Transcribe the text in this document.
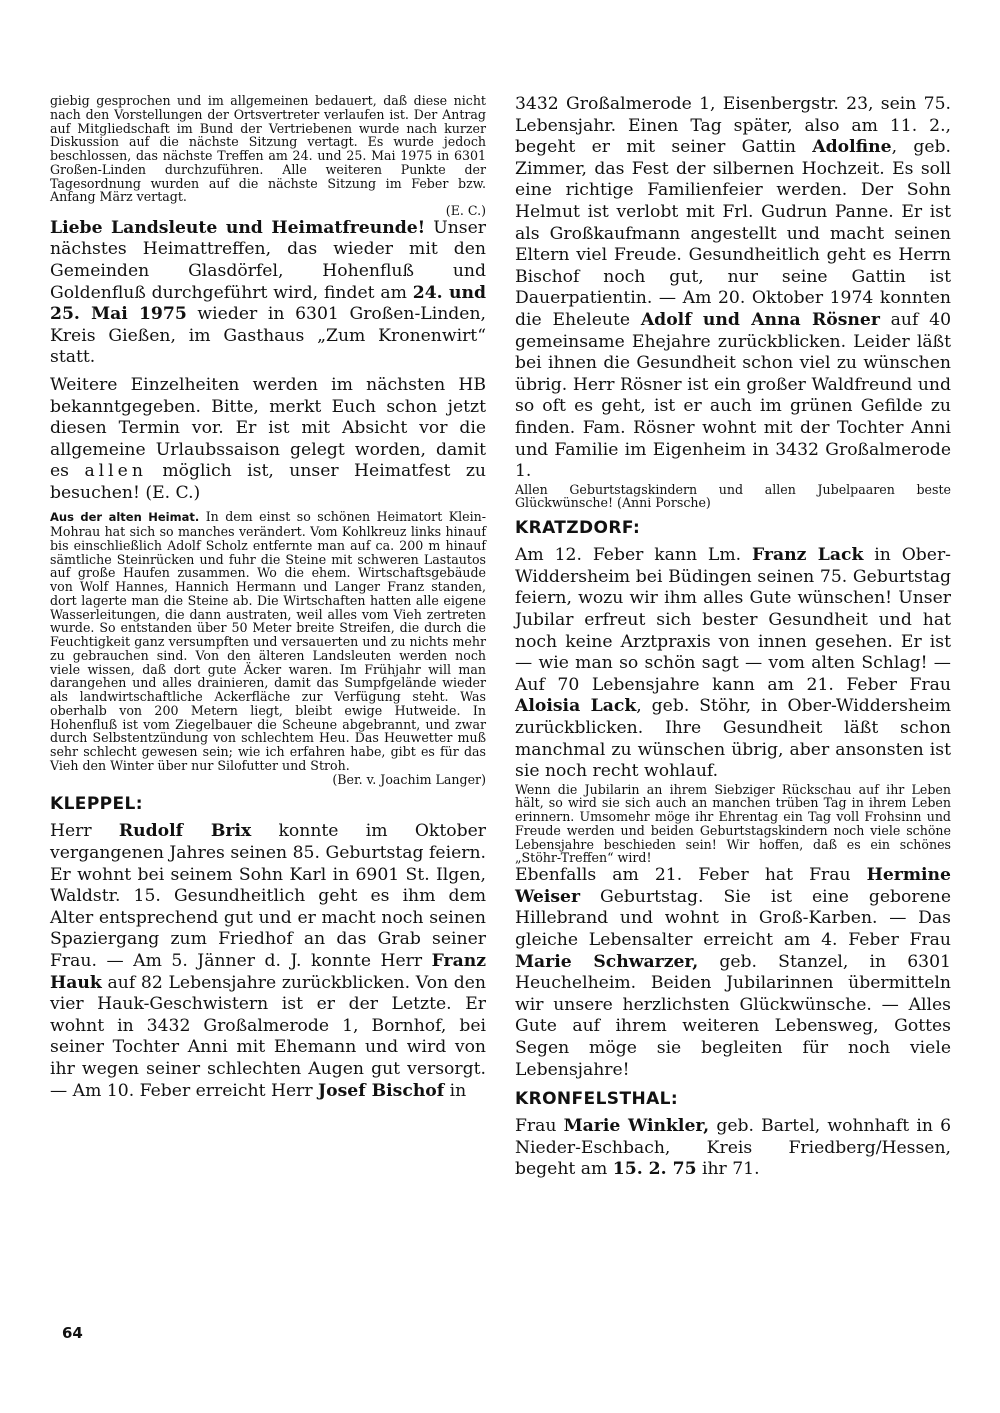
giebig gesprochen und im allgemeinen bedauert, daß diese nicht nach den Vorstellungen der Ortsvertreter verlaufen ist. Der Antrag auf Mitgliedschaft im Bund der Vertriebenen wurde nach kurzer Diskussion auf die nächste Sitzung vertagt. Es wurde jedoch beschlossen, das nächste Treffen am 24. und 25. Mai 1975 in 6301 Großen-Linden durchzuführen. Alle weiteren Punkte der Tagesordnung wurden auf die nächste Sitzung im Feber bzw. Anfang März vertagt.

(E. C.)

Liebe Landsleute und Heimatfreunde! Unser nächstes Heimattreffen, das wieder mit den Gemeinden Glasdörfel, Hohenfluß und Goldenfluß durchgeführt wird, findet am 24. und 25. Mai 1975 wieder in 6301 Großen-Linden, Kreis Gießen, im Gasthaus „Zum Kronenwirt“ statt.

Weitere Einzelheiten werden im nächsten HB bekanntgegeben. Bitte, merkt Euch schon jetzt diesen Termin vor. Er ist mit Absicht vor die allgemeine Urlaubssaison gelegt worden, damit es allen möglich ist, unser Heimatfest zu besuchen! (E. C.)

Aus der alten Heimat. In dem einst so schönen Heimatort Klein-Mohrau hat sich so manches verändert. Vom Kohlkreuz links hinauf bis einschließlich Adolf Scholz entfernte man auf ca. 200 m hinauf sämtliche Steinrücken und fuhr die Steine mit schweren Lastautos auf große Haufen zusammen. Wo die ehem. Wirtschaftsgebäude von Wolf Hannes, Hannich Hermann und Langer Franz standen, dort lagerte man die Steine ab. Die Wirtschaften hatten alle eigene Wasserleitungen, die dann austraten, weil alles vom Vieh zertreten wurde. So entstanden über 50 Meter breite Streifen, die durch die Feuchtigkeit ganz versumpften und versauerten und zu nichts mehr zu gebrauchen sind. Von den älteren Landsleuten werden noch viele wissen, daß dort gute Äcker waren. Im Frühjahr will man darangehen und alles drainieren, damit das Sumpfgelände wieder als landwirtschaftliche Ackerfläche zur Verfügung steht. Was oberhalb von 200 Metern liegt, bleibt ewige Hutweide. In Hohenfluß ist vom Ziegelbauer die Scheune abgebrannt, und zwar durch Selbstentzündung von schlechtem Heu. Das Heuwetter muß sehr schlecht gewesen sein; wie ich erfahren habe, gibt es für das Vieh den Winter über nur Silofutter und Stroh.

(Ber. v. Joachim Langer)

KLEPPEL:

Herr Rudolf Brix konnte im Oktober vergangenen Jahres seinen 85. Geburtstag feiern. Er wohnt bei seinem Sohn Karl in 6901 St. Ilgen, Waldstr. 15. Gesundheitlich geht es ihm dem Alter entsprechend gut und er macht noch seinen Spaziergang zum Friedhof an das Grab seiner Frau. — Am 5. Jänner d. J. konnte Herr Franz Hauk auf 82 Lebensjahre zurückblicken. Von den vier Hauk-Geschwistern ist er der Letzte. Er wohnt in 3432 Großalmerode 1, Bornhof, bei seiner Tochter Anni mit Ehemann und wird von ihr wegen seiner schlechten Augen gut versorgt. — Am 10. Feber erreicht Herr Josef Bischof in

3432 Großalmerode 1, Eisenbergstr. 23, sein 75. Lebensjahr. Einen Tag später, also am 11. 2., begeht er mit seiner Gattin Adolfine, geb. Zimmer, das Fest der silbernen Hochzeit. Es soll eine richtige Familienfeier werden. Der Sohn Helmut ist verlobt mit Frl. Gudrun Panne. Er ist als Großkaufmann angestellt und macht seinen Eltern viel Freude. Gesundheitlich geht es Herrn Bischof noch gut, nur seine Gattin ist Dauerpatientin. — Am 20. Oktober 1974 konnten die Eheleute Adolf und Anna Rösner auf 40 gemeinsame Ehejahre zurückblicken. Leider läßt bei ihnen die Gesundheit schon viel zu wünschen übrig. Herr Rösner ist ein großer Waldfreund und so oft es geht, ist er auch im grünen Gefilde zu finden. Fam. Rösner wohnt mit der Tochter Anni und Familie im Eigenheim in 3432 Großalmerode 1.

Allen Geburtstagskindern und allen Jubelpaaren beste Glückwünsche! (Anni Porsche)

KRATZDORF:

Am 12. Feber kann Lm. Franz Lack in Ober-Widdersheim bei Büdingen seinen 75. Geburtstag feiern, wozu wir ihm alles Gute wünschen! Unser Jubilar erfreut sich bester Gesundheit und hat noch keine Arztpraxis von innen gesehen. Er ist — wie man so schön sagt — vom alten Schlag! — Auf 70 Lebensjahre kann am 21. Feber Frau Aloisia Lack, geb. Stöhr, in Ober-Widdersheim zurückblicken. Ihre Gesundheit läßt schon manchmal zu wünschen übrig, aber ansonsten ist sie noch recht wohlauf.

Wenn die Jubilarin an ihrem Siebziger Rückschau auf ihr Leben hält, so wird sie sich auch an manchen trüben Tag in ihrem Leben erinnern. Umsomehr möge ihr Ehrentag ein Tag voll Frohsinn und Freude werden und beiden Geburtstagskindern noch viele schöne Lebensjahre beschieden sein! Wir hoffen, daß es ein schönes „Stöhr-Treffen“ wird!

Ebenfalls am 21. Feber hat Frau Hermine Weiser Geburtstag. Sie ist eine geborene Hillebrand und wohnt in Groß-Karben. — Das gleiche Lebensalter erreicht am 4. Feber Frau Marie Schwarzer, geb. Stanzel, in 6301 Heuchelheim. Beiden Jubilarinnen übermitteln wir unsere herzlichsten Glückwünsche. — Alles Gute auf ihrem weiteren Lebensweg, Gottes Segen möge sie begleiten für noch viele Lebensjahre!

KRONFELSTHAL:

Frau Marie Winkler, geb. Bartel, wohnhaft in 6 Nieder-Eschbach, Kreis Friedberg/Hessen, begeht am 15. 2. 75 ihr 71.

64
